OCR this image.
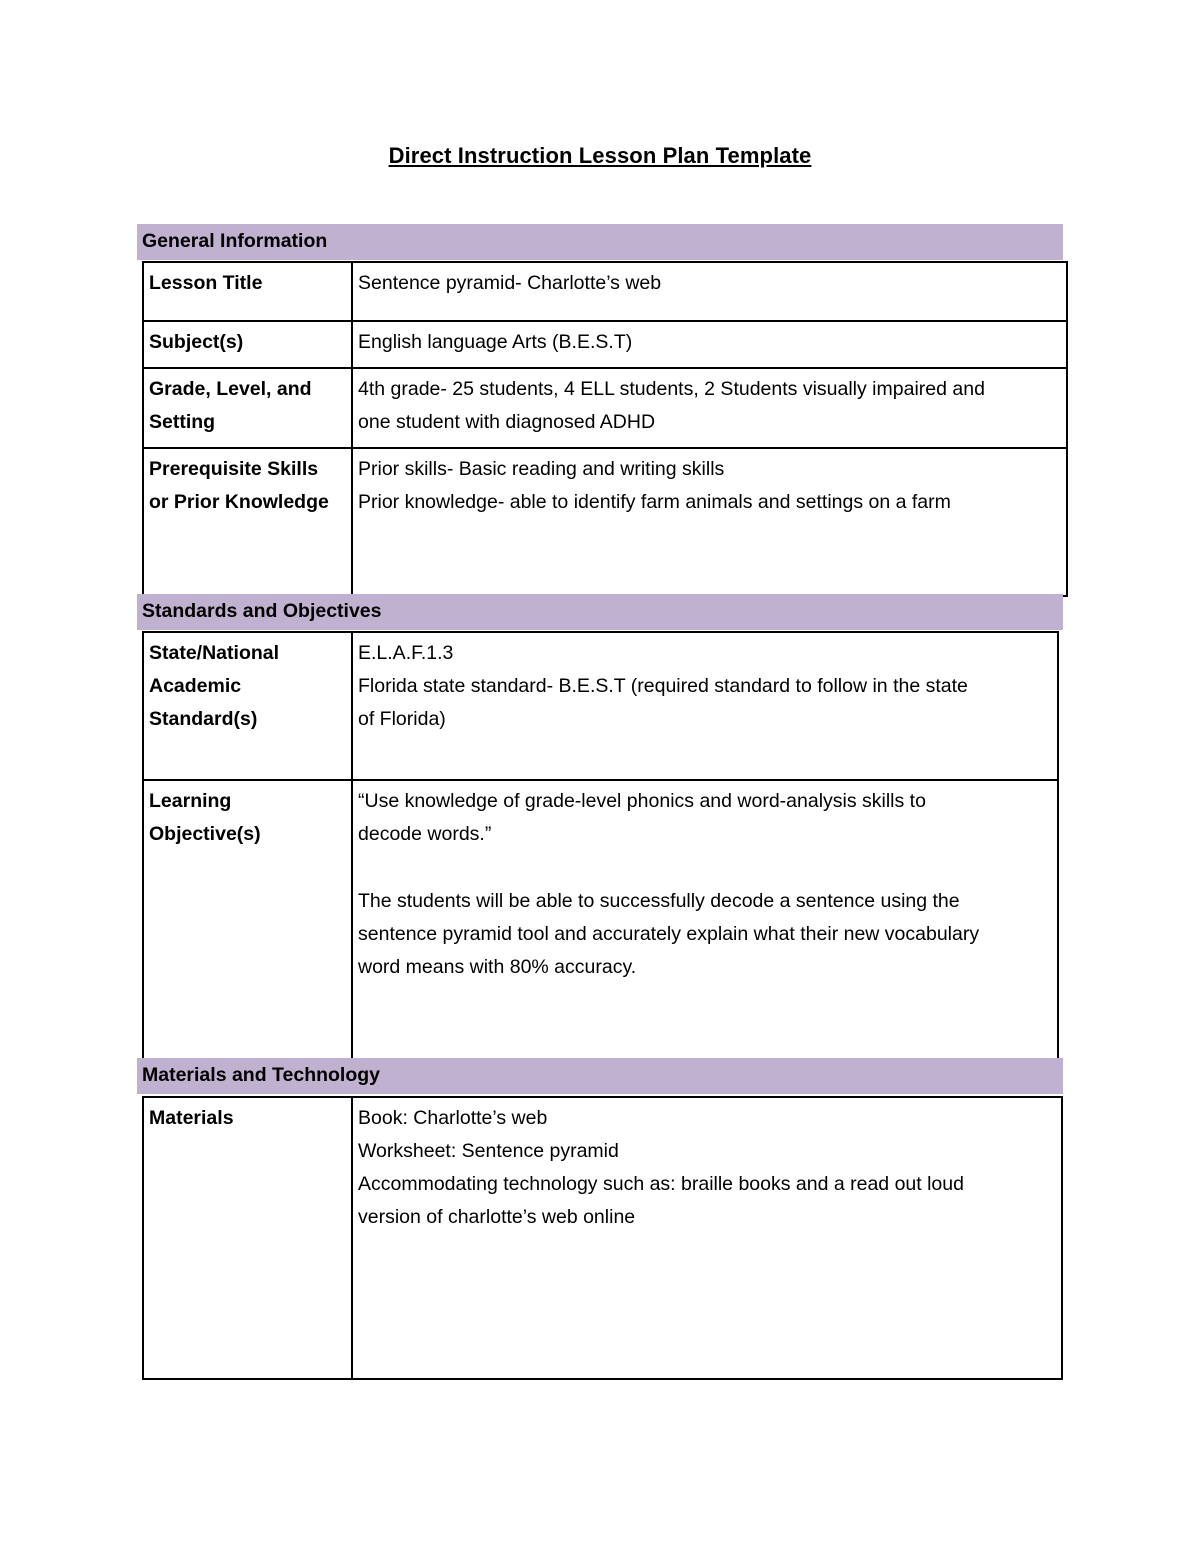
Direct Instruction Lesson Plan Template
General Information
Lesson Title	Sentence pyramid- Charlotte’s web
Subject(s)	English language Arts (B.E.S.T)

Grade, Level, and
Setting	4th grade- 25 students, 4 ELL students, 2 Students visually impaired and
one student with diagnosed ADHD

Prerequisite Skills
or Prior Knowledge	Prior skills- Basic reading and writing skills
Prior knowledge- able to identify farm animals and settings on a farm
Standards and Objectives
State/National
Academic
Standard(s)	E.L.A.F.1.3
Florida state standard- B.E.S.T (required standard to follow in the state
of Florida)

Learning
Objective(s)	“Use knowledge of grade-level phonics and word-analysis skills to
decode words.”
The students will be able to successfully decode a sentence using the
sentence pyramid tool and accurately explain what their new vocabulary
word means with 80% accuracy.
Materials and Technology
Materials	Book: Charlotte’s web
Worksheet: Sentence pyramid
Accommodating technology such as: braille books and a read out loud
version of charlotte’s web online
